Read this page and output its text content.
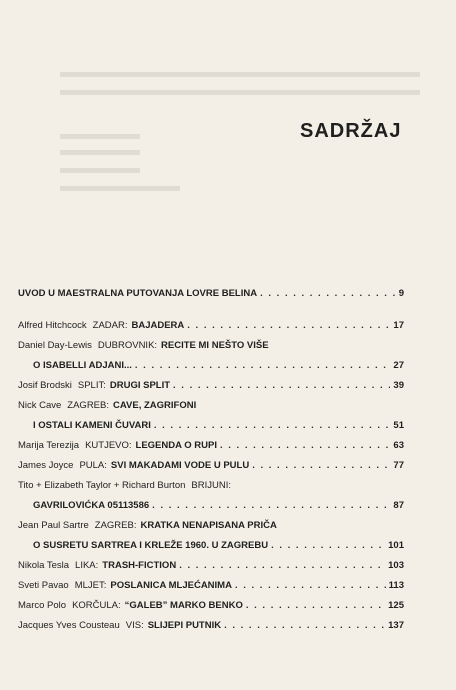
SADRŽAJ
UVOD U MAESTRALNA PUTOVANJA LOVRE BELINA . . .	9
Alfred Hitchcock ZADAR: BAJADERA . . .	17
Daniel Day-Lewis DUBROVNIK: RECITE MI NEŠTO VIŠE
O ISABELLI ADJANI... . . .	27
Josif Brodski SPLIT: DRUGI SPLIT . . .	39
Nick Cave ZAGREB: CAVE, ZAGRIFONI
I OSTALI KAMENI ČUVARI . . .	51
Marija Terezija KUTJEVO: LEGENDA O RUPI . . .	63
James Joyce PULA: SVI MAKADAMI VODE U PULU . . .	77
Tito + Elizabeth Taylor + Richard Burton BRIJUNI:
GAVRILOVIĆKA 05113586 . . .	87
Jean Paul Sartre ZAGREB: KRATKA NENAPISANA PRIČA
O SUSRETU SARTREA I KRLEŽE 1960. U ZAGREBU . . .	101
Nikola Tesla LIKA: TRASH-FICTION . . .	103
Sveti Pavao MLJET: POSLANICA MLJEĆANIMA . . .	113
Marco Polo KORČULA: “GALEB” MARKO BENKO . . .	125
Jacques Yves Cousteau VIS: SLIJEPI PUTNIK . . .	137
